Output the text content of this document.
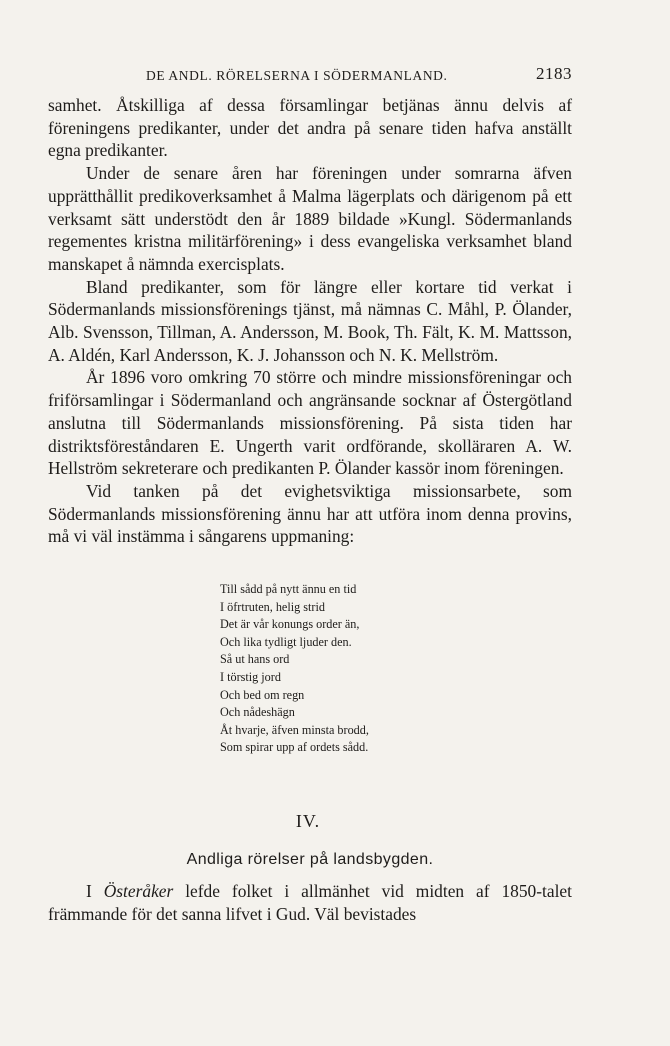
DE ANDL. RÖRELSERNA I SÖDERMANLAND.	2183

samhet. Åtskilliga af dessa församlingar betjänas ännu delvis af föreningens predikanter, under det andra på senare tiden hafva anställt egna predikanter.

Under de senare åren har föreningen under somrarna äfven upprätthållit predikoverksamhet å Malma lägerplats och därigenom på ett verksamt sätt understödt den år 1889 bildade »Kungl. Södermanlands regementes kristna militärförening» i dess evangeliska verksamhet bland manskapet å nämnda exercisplats.

Bland predikanter, som för längre eller kortare tid verkat i Södermanlands missionsförenings tjänst, må nämnas C. Måhl, P. Ölander, Alb. Svensson, Tillman, A. Andersson, M. Book, Th. Fält, K. M. Mattsson, A. Aldén, Karl Andersson, K. J. Johansson och N. K. Mellström.

År 1896 voro omkring 70 större och mindre missionsföreningar och friförsamlingar i Södermanland och angränsande socknar af Östergötland anslutna till Södermanlands missionsförening. På sista tiden har distriktsföreståndaren E. Ungerth varit ordförande, skolläraren A. W. Hellström sekreterare och predikanten P. Ölander kassör inom föreningen.

Vid tanken på det evighetsviktiga missionsarbete, som Södermanlands missionsförening ännu har att utföra inom denna provins, må vi väl instämma i sångarens uppmaning:

Till sådd på nytt ännu en tid
I öfrtruten, helig strid
Det är vår konungs order än,
Och lika tydligt ljuder den.
Så ut hans ord
I törstig jord
Och bed om regn
Och nådeshägn
Åt hvarje, äfven minsta brodd,
Som spirar upp af ordets sådd.
IV.
Andliga rörelser på landsbygden.

I Österåker lefde folket i allmänhet vid midten af 1850-talet främmande för det sanna lifvet i Gud. Väl bevistades
